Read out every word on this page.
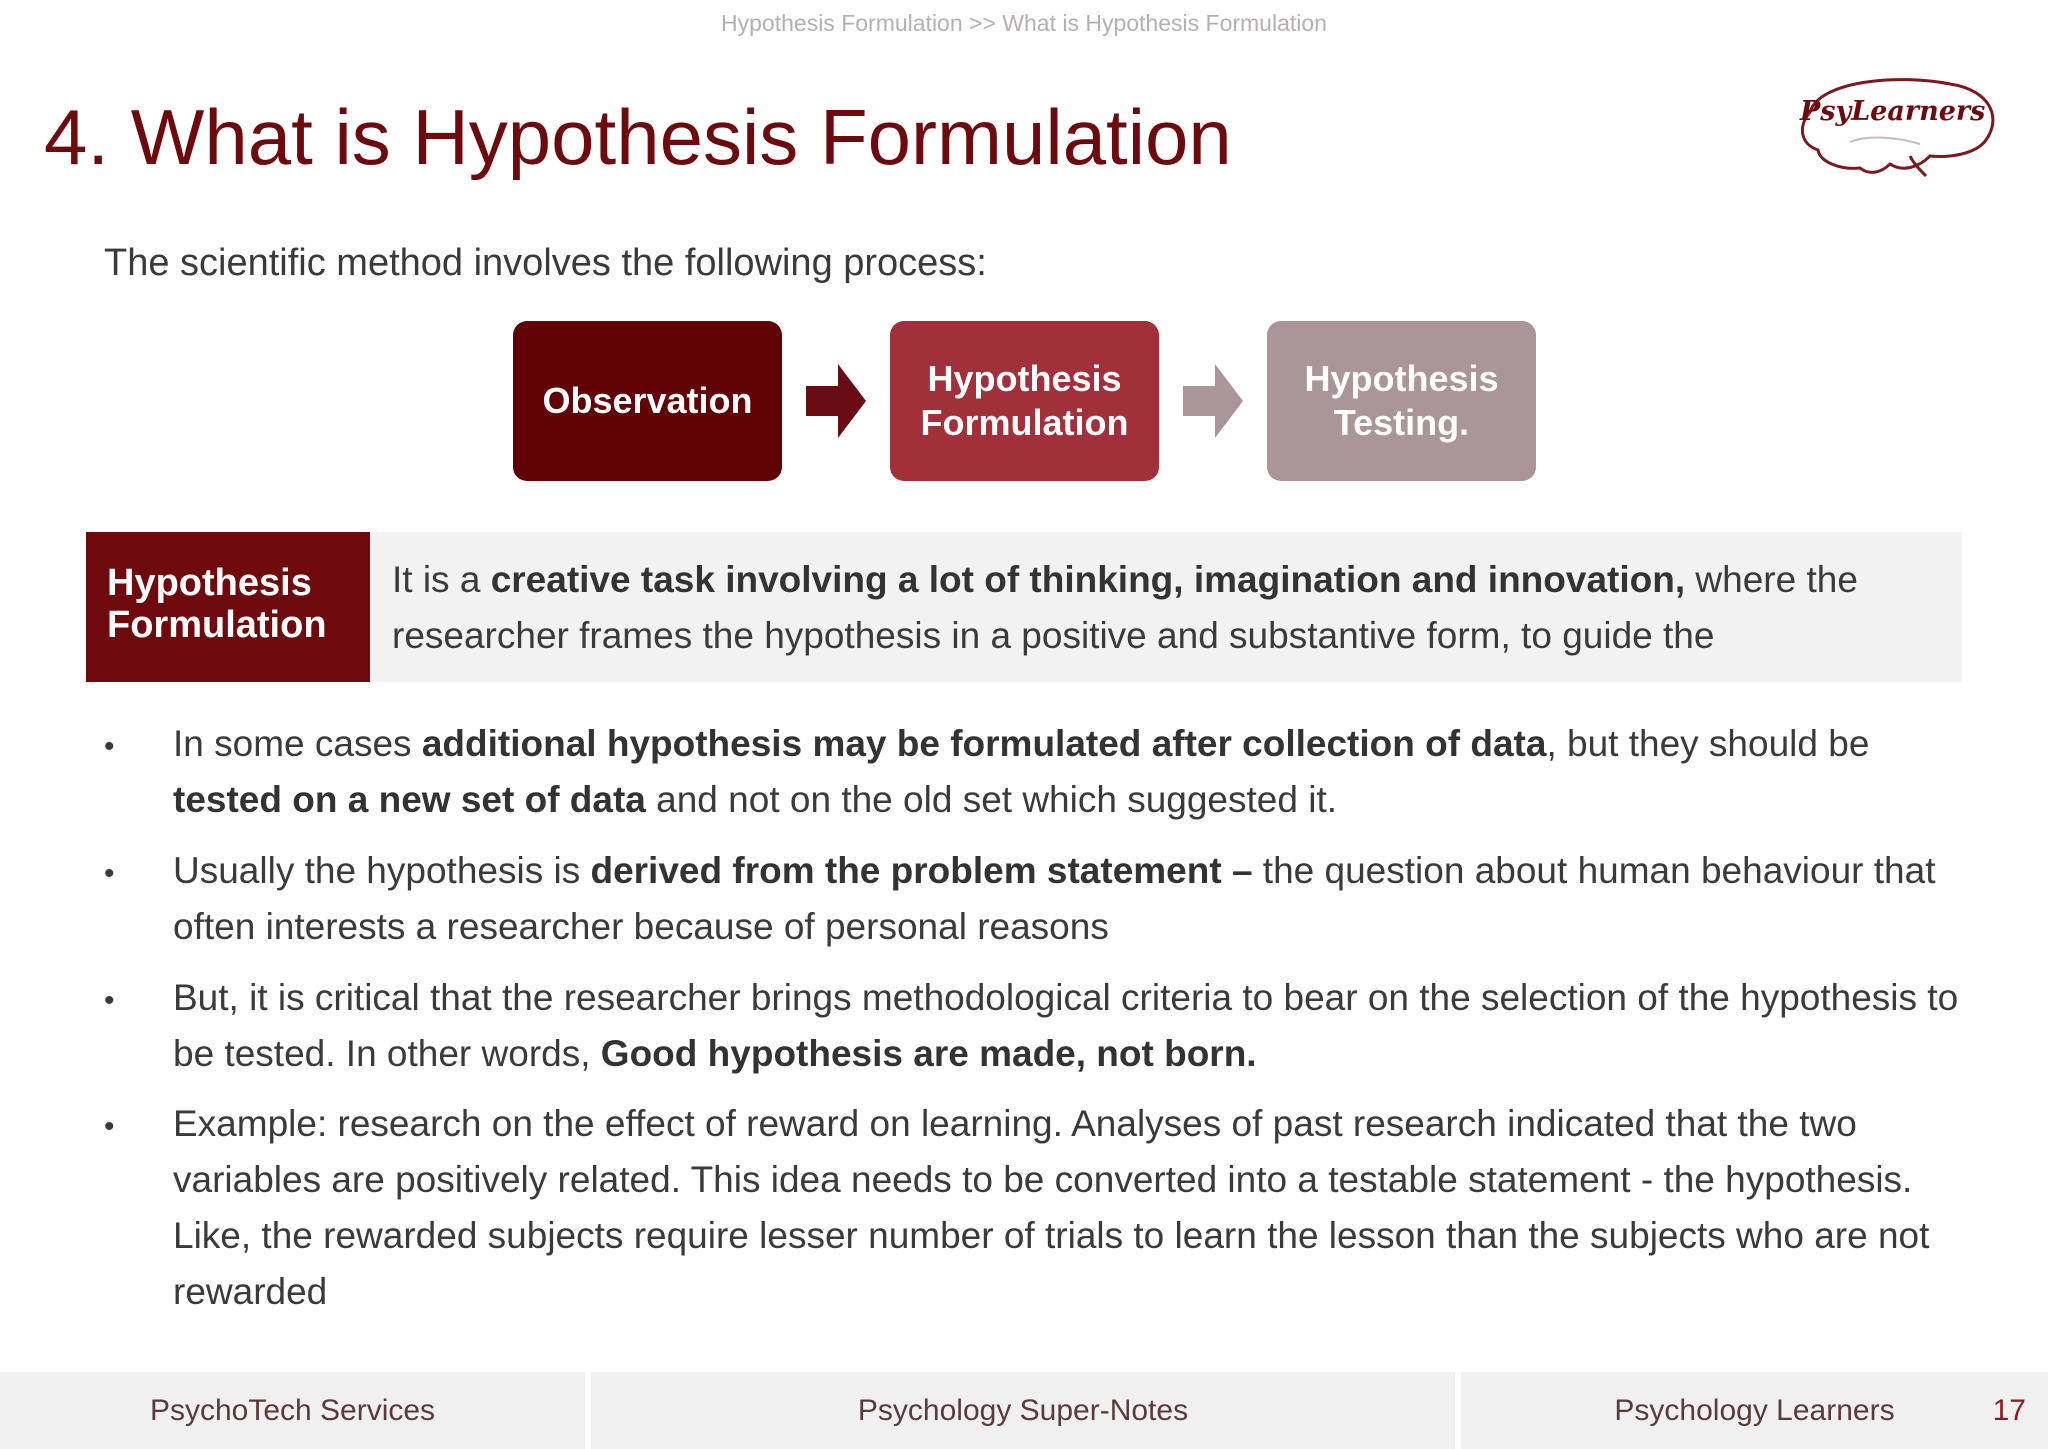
Hypothesis Formulation >> What is Hypothesis Formulation
4. What is Hypothesis Formulation	PsyLearners

The scientific method involves the following process:

Observation
Hypothesis
Formulation
Hypothesis
Testing.
Hypothesis
Formulation

It is a creative task involving a lot of thinking, imagination and innovation, where the researcher frames the hypothesis in a positive and substantive form, to guide the

• In some cases additional hypothesis may be formulated after collection of data, but they should be tested on a new set of data and not on the old set which suggested it.

• Usually the hypothesis is derived from the problem statement – the question about human behaviour that often interests a researcher because of personal reasons

• But, it is critical that the researcher brings methodological criteria to bear on the selection of the hypothesis to be tested. In other words, Good hypothesis are made, not born.

• Example: research on the effect of reward on learning. Analyses of past research indicated that the two variables are positively related. This idea needs to be converted into a testable statement - the hypothesis. Like, the rewarded subjects require lesser number of trials to learn the lesson than the subjects who are not rewarded

PsychoTech Services	Psychology Super-Notes	Psychology Learners	17
